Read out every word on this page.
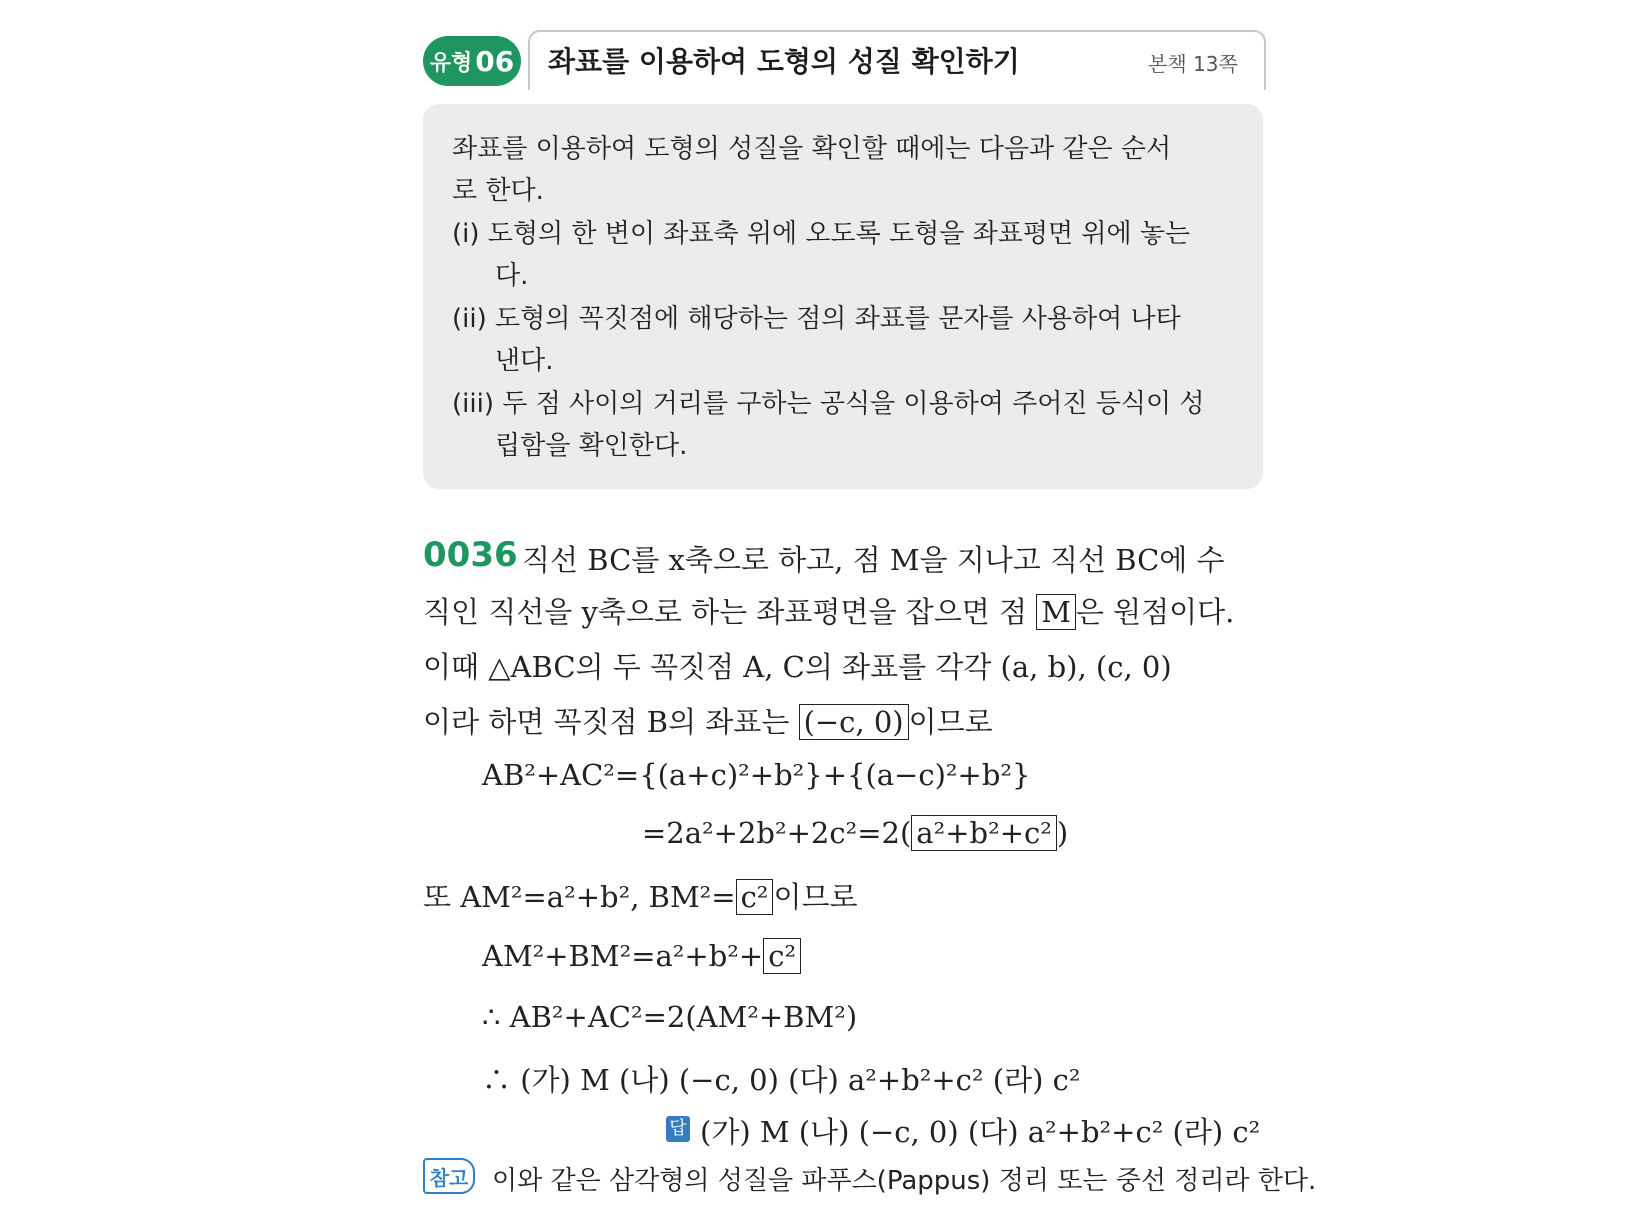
유형 06 좌표를 이용하여 도형의 성질 확인하기	본책 13쪽
좌표를 이용하여 도형의 성질을 확인할 때에는 다음과 같은 순서
로 한다.
(i) 도형의 한 변이 좌표축 위에 오도록 도형을 좌표평면 위에 놓는
다.
(ii) 도형의 꼭짓점에 해당하는 점의 좌표를 문자를 사용하여 나타
낸다.
(iii) 두 점 사이의 거리를 구하는 공식을 이용하여 주어진 등식이 성
립함을 확인한다.
0036 직선 BC를 x축으로 하고, 점 M을 지나고 직선 BC에 수
직인 직선을 y축으로 하는 좌표평면을 잡으면 점 M 은 원점이다.
이때 △ABC의 두 꼭짓점 A, C의 좌표를 각각 (a, b), (c, 0)
이라 하면 꼭짓점 B의 좌표는 (−c, 0) 이므로
AB²+AC²={(a+c)²+b²}+{(a−c)²+b²}
=2a²+2b²+2c²=2( a²+b²+c² )
또 AM²=a²+b², BM²= c² 이므로
AM²+BM²=a²+b²+ c²
∴ AB²+AC²=2(AM²+BM²)
∴ (가) M (나) (−c, 0) (다) a²+b²+c² (라) c²
답 (가) M (나) (−c, 0) (다) a²+b²+c² (라) c²
참고 이와 같은 삼각형의 성질을 파푸스(Pappus) 정리 또는 중선 정리라 한다.
